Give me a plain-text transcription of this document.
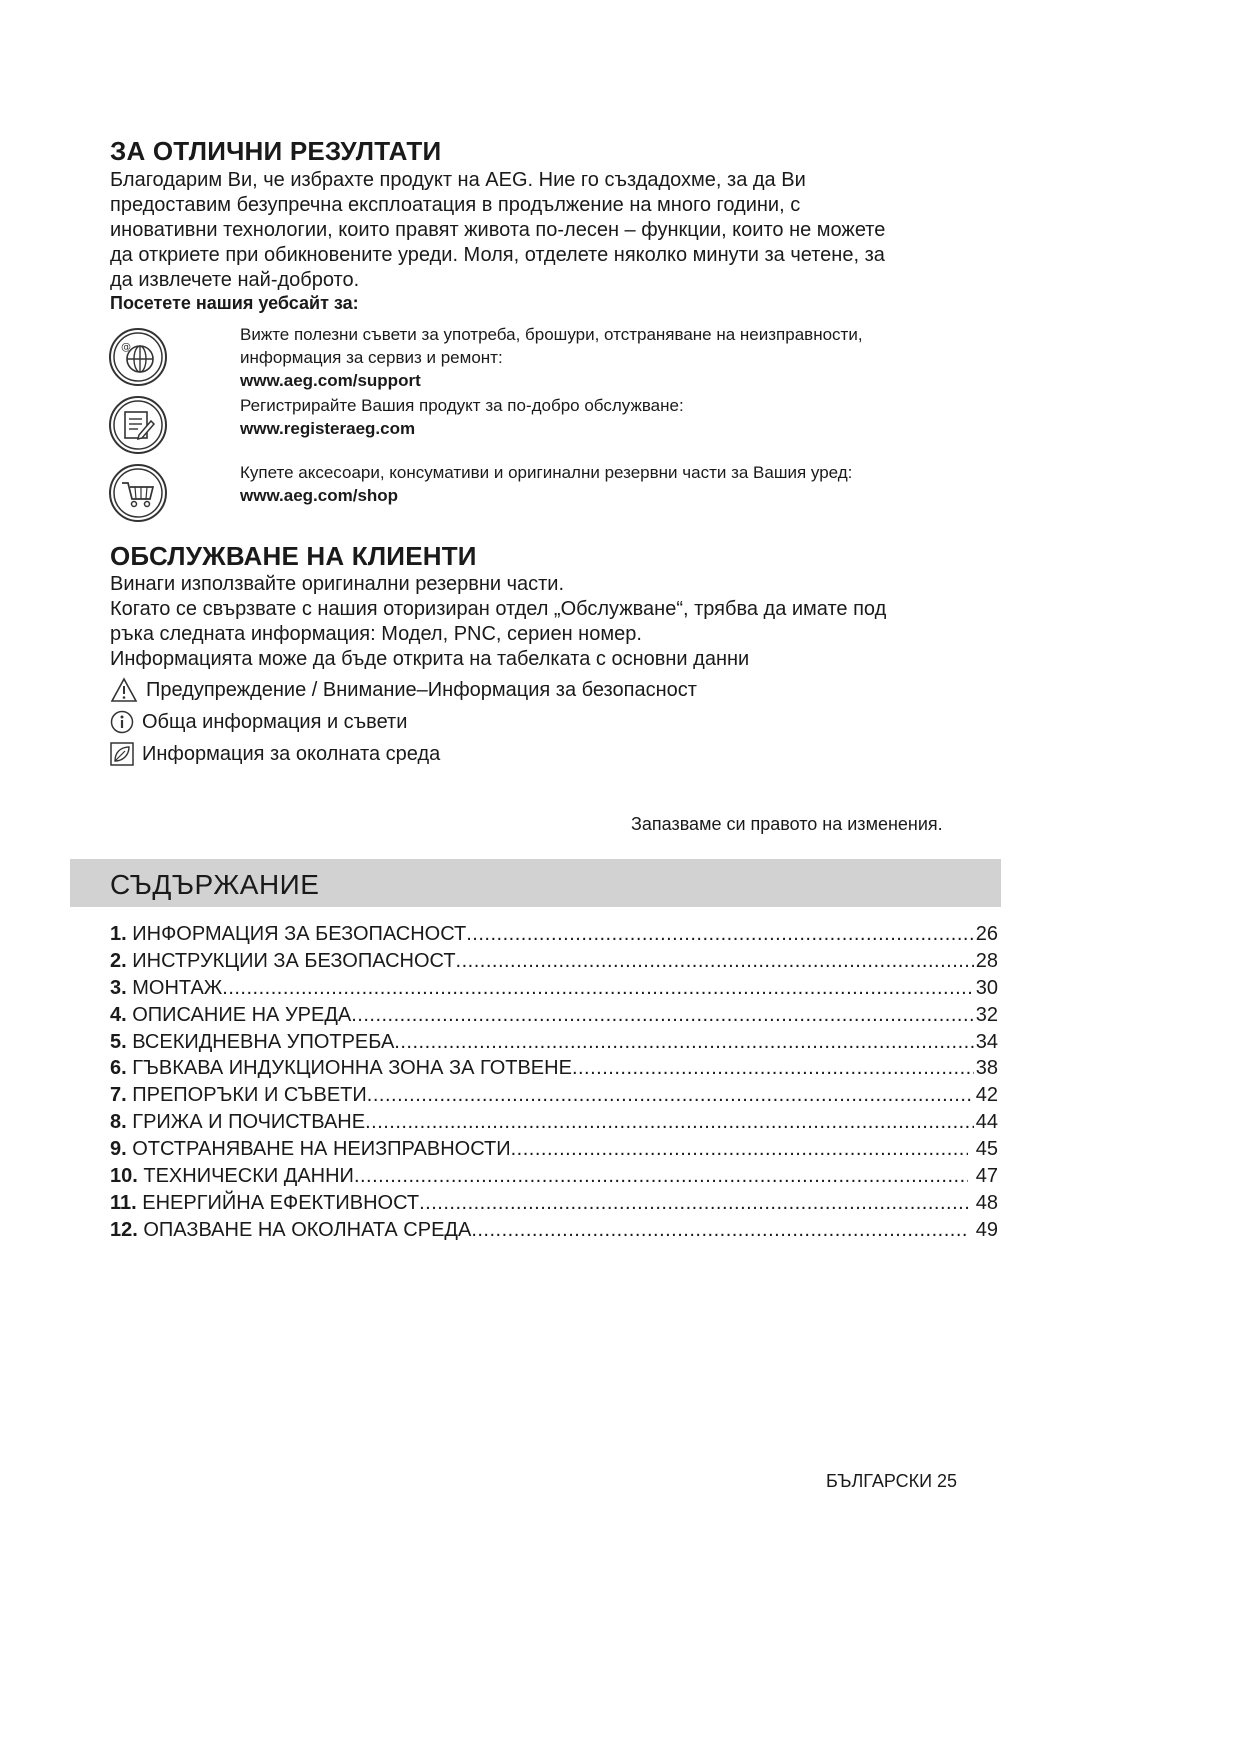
ЗА ОТЛИЧНИ РЕЗУЛТАТИ
Благодарим Ви, че избрахте продукт на AEG. Ние го създадохме, за да Ви
предоставим безупречна експлоатация в продължение на много години, с
иновативни технологии, които правят живота по-лесен – функции, които не можете
да откриете при обикновените уреди. Моля, отделете няколко минути за четене, за
да извлечете най-доброто.
Посетете нашия уебсайт за:
@
Вижте полезни съвети за употреба, брошури, отстраняване на неизправности,
информация за сервиз и ремонт:
www.aeg.com/support
Регистрирайте Вашия продукт за по-добро обслужване:
www.registeraeg.com
Купете аксесоари, консумативи и оригинални резервни части за Вашия уред:
www.aeg.com/shop
ОБСЛУЖВАНЕ НА КЛИЕНТИ
Винаги използвайте оригинални резервни части.
Когато се свързвате с нашия оторизиран отдел „Обслужване“, трябва да имате под
ръка следната информация: Модел, PNC, сериен номер.
Информацията може да бъде открита на табелката с основни данни
Предупреждение / Внимание–Информация за безопасност
Обща информация и съвети
Информация за околната среда
Запазваме си правото на изменения.
СЪДЪРЖАНИЕ
1. ИНФОРМАЦИЯ ЗА БЕЗОПАСНОСТ .....	26
2. ИНСТРУКЦИИ ЗА БЕЗОПАСНОСТ .....	28
3. МОНТАЖ .....	30
4. ОПИСАНИЕ НА УРЕДА .....	32
5. ВСЕКИДНЕВНА УПОТРЕБА .....	34
6. ГЪВКАВА ИНДУКЦИОННА ЗОНА ЗА ГОТВЕНЕ .....	38
7. ПРЕПОРЪКИ И СЪВЕТИ .....	42
8. ГРИЖА И ПОЧИСТВАНЕ .....	44
9. ОТСТРАНЯВАНЕ НА НЕИЗПРАВНОСТИ .....	45
10. ТЕХНИЧЕСКИ ДАННИ .....	47
11. ЕНЕРГИЙНА ЕФЕКТИВНОСТ .....	48
12. ОПАЗВАНЕ НА ОКОЛНАТА СРЕДА .....	49
БЪЛГАРСКИ 25
